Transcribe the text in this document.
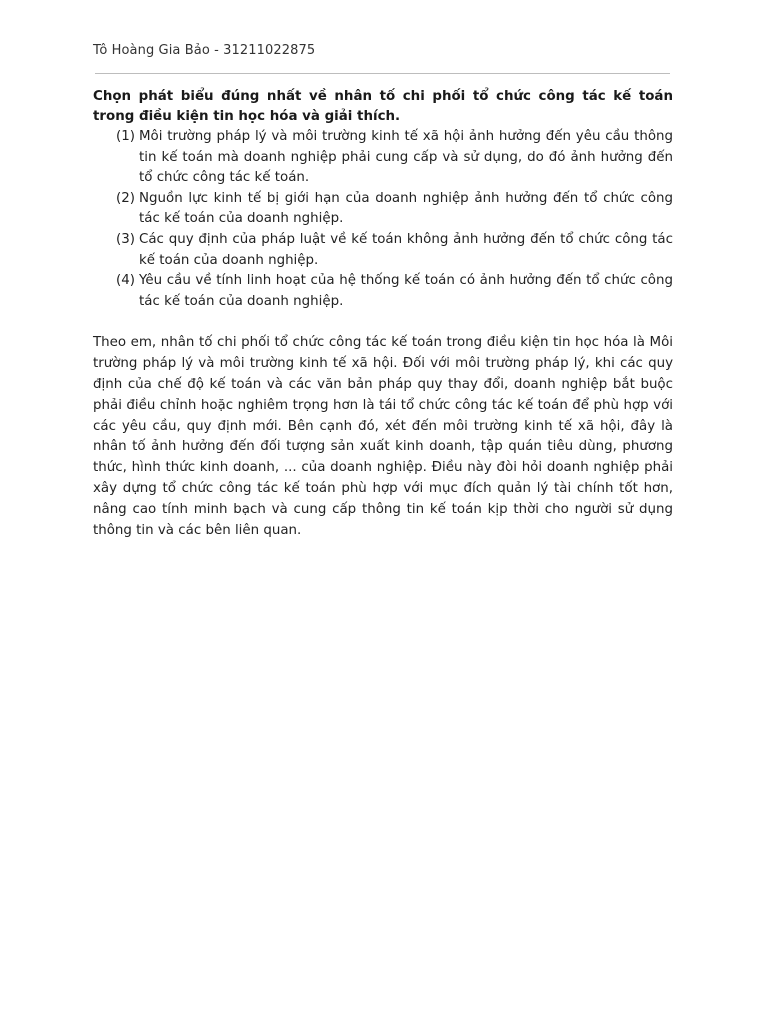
Tô Hoàng Gia Bảo - 31211022875

Chọn phát biểu đúng nhất về nhân tố chi phối tổ chức công tác kế toán trong điều kiện tin học hóa và giải thích.

(1) Môi trường pháp lý và môi trường kinh tế xã hội ảnh hưởng đến yêu cầu thông tin kế toán mà doanh nghiệp phải cung cấp và sử dụng, do đó ảnh hưởng đến tổ chức công tác kế toán.
(2) Nguồn lực kinh tế bị giới hạn của doanh nghiệp ảnh hưởng đến tổ chức công tác kế toán của doanh nghiệp.
(3) Các quy định của pháp luật về kế toán không ảnh hưởng đến tổ chức công tác kế toán của doanh nghiệp.
(4) Yêu cầu về tính linh hoạt của hệ thống kế toán có ảnh hưởng đến tổ chức công tác kế toán của doanh nghiệp.

Theo em, nhân tố chi phối tổ chức công tác kế toán trong điều kiện tin học hóa là Môi trường pháp lý và môi trường kinh tế xã hội. Đối với môi trường pháp lý, khi các quy định của chế độ kế toán và các văn bản pháp quy thay đổi, doanh nghiệp bắt buộc phải điều chỉnh hoặc nghiêm trọng hơn là tái tổ chức công tác kế toán để phù hợp với các yêu cầu, quy định mới. Bên cạnh đó, xét đến môi trường kinh tế xã hội, đây là nhân tố ảnh hưởng đến đối tượng sản xuất kinh doanh, tập quán tiêu dùng, phương thức, hình thức kinh doanh, ... của doanh nghiệp. Điều này đòi hỏi doanh nghiệp phải xây dựng tổ chức công tác kế toán phù hợp với mục đích quản lý tài chính tốt hơn, nâng cao tính minh bạch và cung cấp thông tin kế toán kịp thời cho người sử dụng thông tin và các bên liên quan.
